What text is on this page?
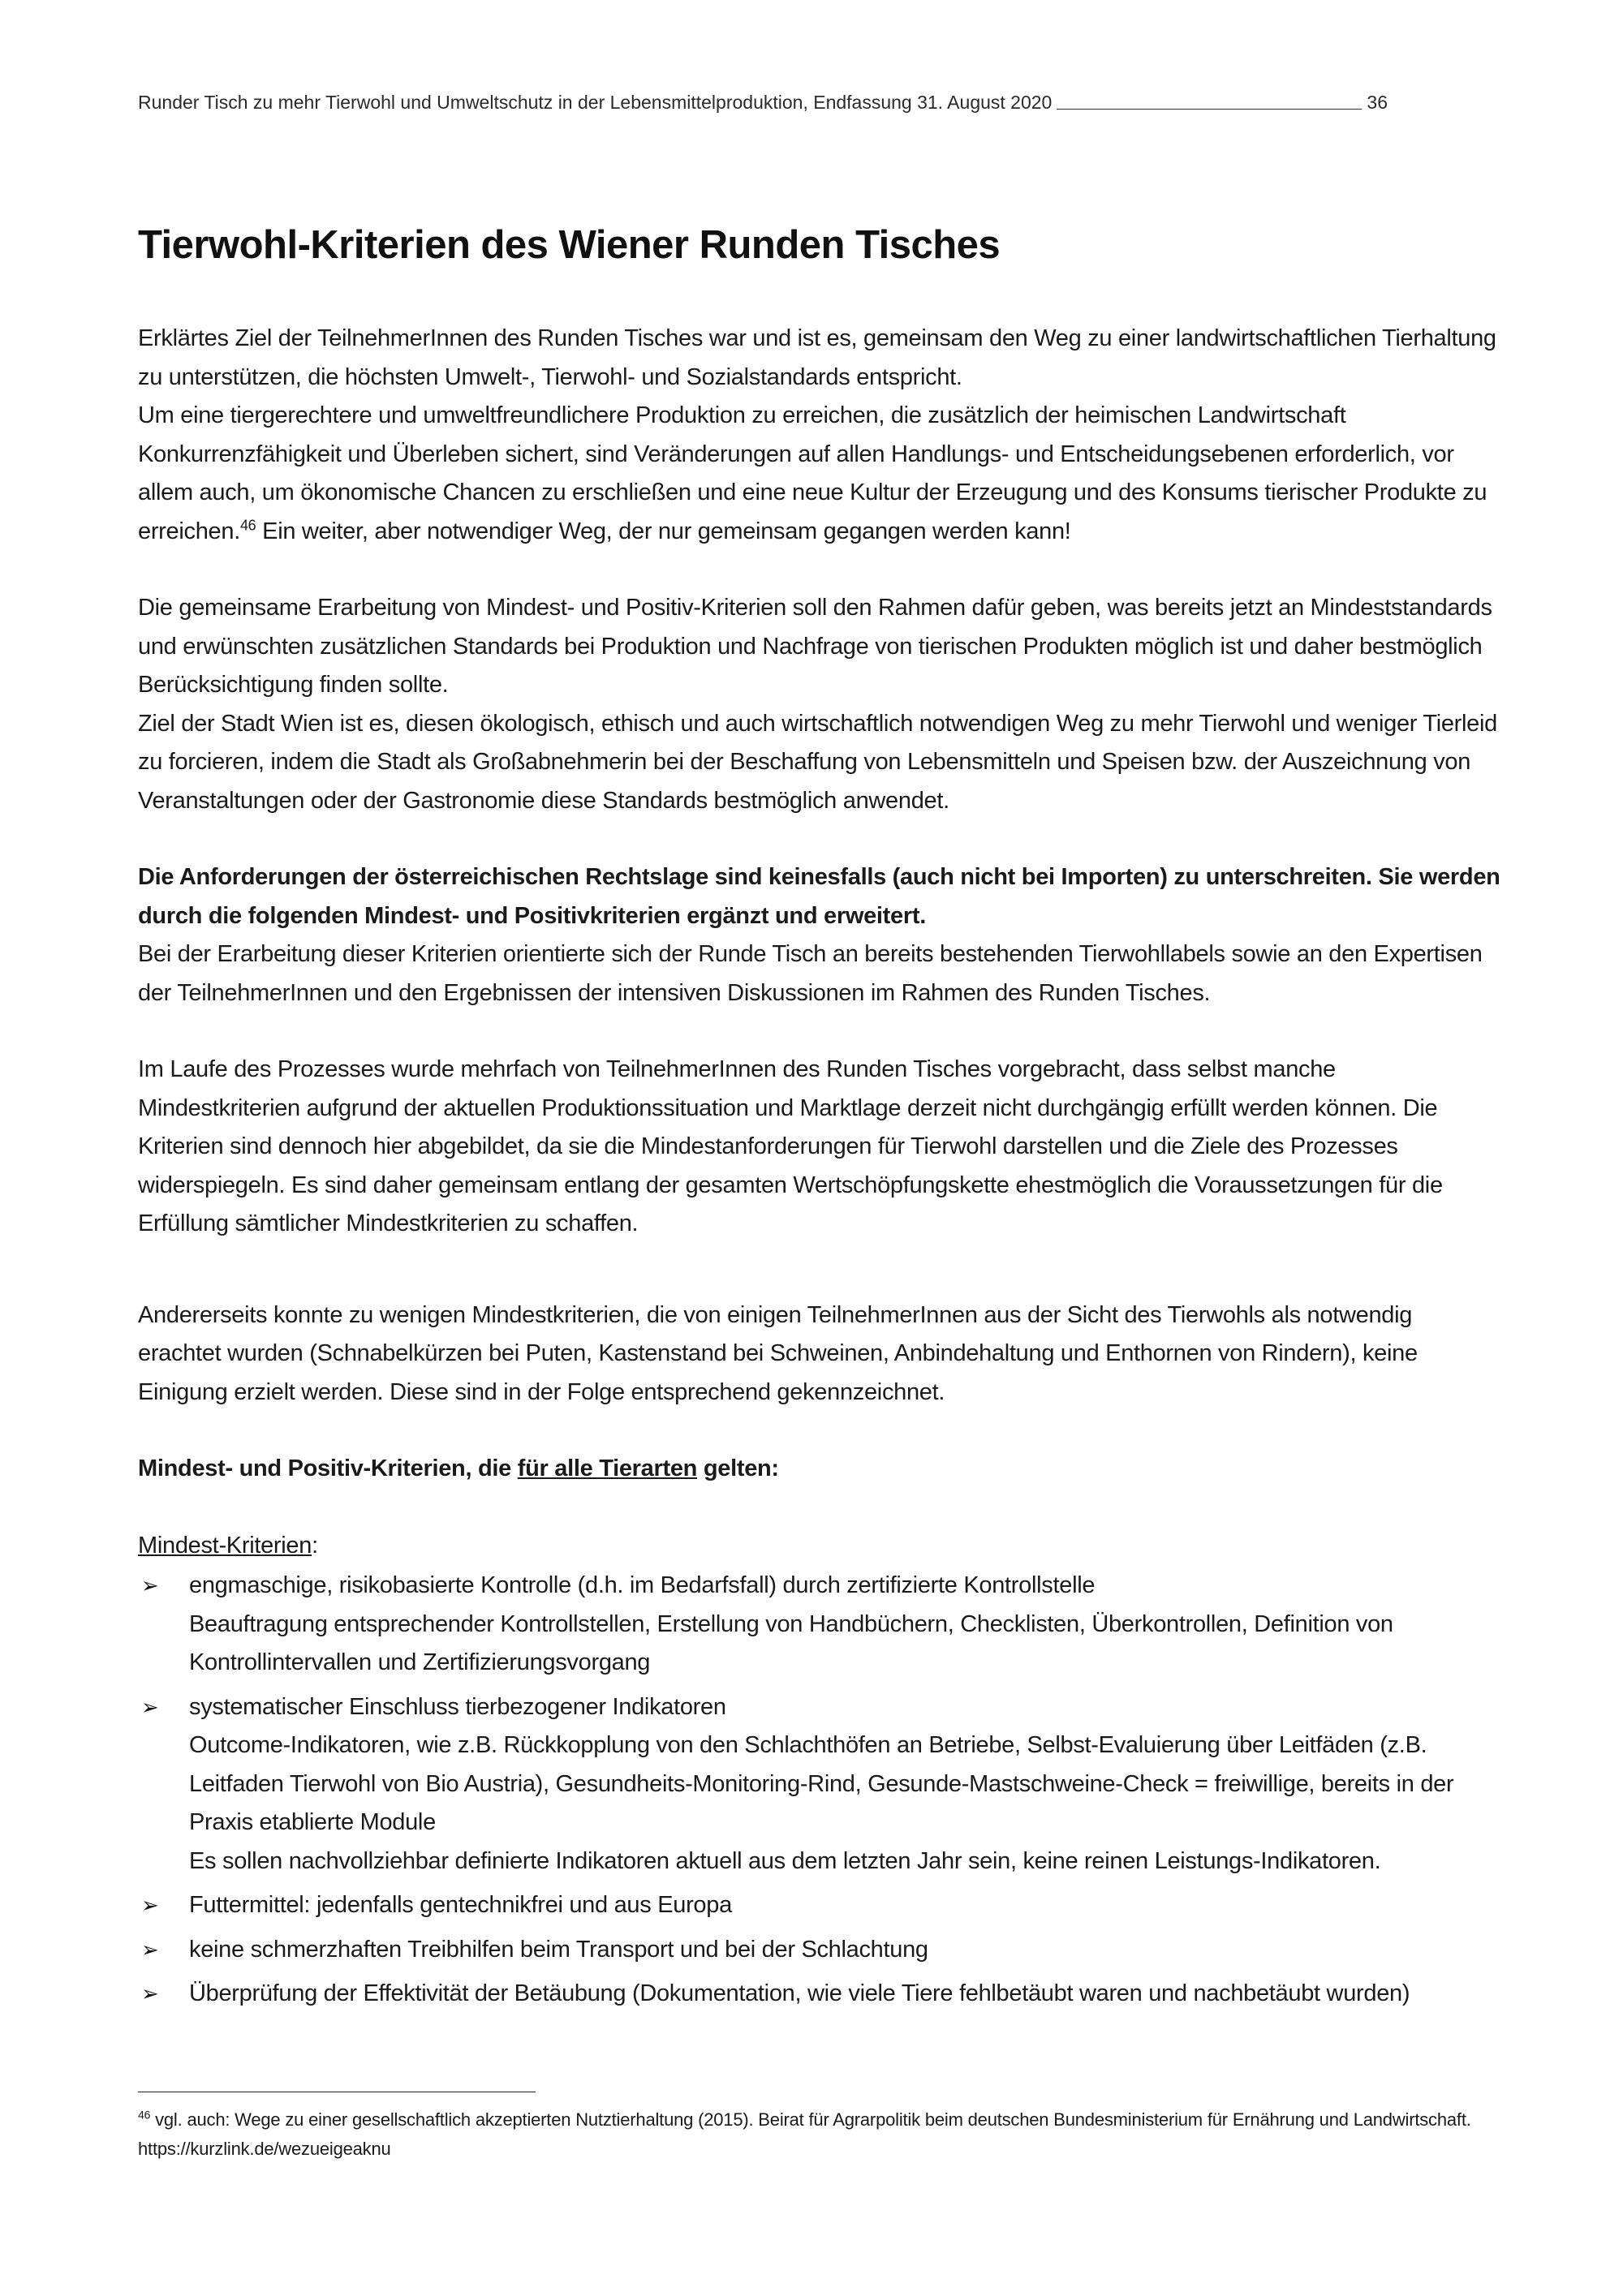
Runder Tisch zu mehr Tierwohl und Umweltschutz in der Lebensmittelproduktion, Endfassung 31. August 2020	36
Tierwohl-Kriterien des Wiener Runden Tisches

Erklärtes Ziel der TeilnehmerInnen des Runden Tisches war und ist es, gemeinsam den Weg zu einer landwirtschaftlichen Tierhaltung zu unterstützen, die höchsten Umwelt-, Tierwohl- und Sozialstandards entspricht.

Um eine tiergerechtere und umweltfreundlichere Produktion zu erreichen, die zusätzlich der heimischen Landwirtschaft Konkurrenzfähigkeit und Überleben sichert, sind Veränderungen auf allen Handlungs- und Entscheidungsebenen erforderlich, vor allem auch, um ökonomische Chancen zu erschließen und eine neue Kultur der Erzeugung und des Konsums tierischer Produkte zu erreichen.$^{46}$ Ein weiter, aber notwendiger Weg, der nur gemeinsam gegangen werden kann!

Die gemeinsame Erarbeitung von Mindest- und Positiv-Kriterien soll den Rahmen dafür geben, was bereits jetzt an Mindeststandards und erwünschten zusätzlichen Standards bei Produktion und Nachfrage von tierischen Produkten möglich ist und daher bestmöglich Berücksichtigung finden sollte.

Ziel der Stadt Wien ist es, diesen ökologisch, ethisch und auch wirtschaftlich notwendigen Weg zu mehr Tierwohl und weniger Tierleid zu forcieren, indem die Stadt als Großabnehmerin bei der Beschaffung von Lebensmitteln und Speisen bzw. der Auszeichnung von Veranstaltungen oder der Gastronomie diese Standards bestmöglich anwendet.

Die Anforderungen der österreichischen Rechtslage sind keinesfalls (auch nicht bei Importen) zu unterschreiten. Sie werden durch die folgenden Mindest- und Positivkriterien ergänzt und erweitert.

Bei der Erarbeitung dieser Kriterien orientierte sich der Runde Tisch an bereits bestehenden Tierwohllabels sowie an den Expertisen der TeilnehmerInnen und den Ergebnissen der intensiven Diskussionen im Rahmen des Runden Tisches.

Im Laufe des Prozesses wurde mehrfach von TeilnehmerInnen des Runden Tisches vorgebracht, dass selbst manche Mindestkriterien aufgrund der aktuellen Produktionssituation und Marktlage derzeit nicht durchgängig erfüllt werden können. Die Kriterien sind dennoch hier abgebildet, da sie die Mindestanforderungen für Tierwohl darstellen und die Ziele des Prozesses widerspiegeln. Es sind daher gemeinsam entlang der gesamten Wertschöpfungskette ehestmöglich die Voraussetzungen für die Erfüllung sämtlicher Mindestkriterien zu schaffen.

Andererseits konnte zu wenigen Mindestkriterien, die von einigen TeilnehmerInnen aus der Sicht des Tierwohls als notwendig erachtet wurden (Schnabelkürzen bei Puten, Kastenstand bei Schweinen, Anbindehaltung und Enthornen von Rindern), keine Einigung erzielt werden. Diese sind in der Folge entsprechend gekennzeichnet.

Mindest- und Positiv-Kriterien, die für alle Tierarten gelten:

Mindest-Kriterien:

➢ engmaschige, risikobasierte Kontrolle (d.h. im Bedarfsfall) durch zertifizierte Kontrollstelle
Beauftragung entsprechender Kontrollstellen, Erstellung von Handbüchern, Checklisten, Überkontrollen, Definition von Kontrollintervallen und Zertifizierungsvorgang
➢ systematischer Einschluss tierbezogener Indikatoren
Outcome-Indikatoren, wie z.B. Rückkopplung von den Schlachthöfen an Betriebe, Selbst-Evaluierung über Leitfäden (z.B. Leitfaden Tierwohl von Bio Austria), Gesundheits-Monitoring-Rind, Gesunde-Mastschweine-Check = freiwillige, bereits in der Praxis etablierte Module
Es sollen nachvollziehbar definierte Indikatoren aktuell aus dem letzten Jahr sein, keine reinen Leistungs-Indikatoren.
➢ Futtermittel: jedenfalls gentechnikfrei und aus Europa
➢ keine schmerzhaften Treibhilfen beim Transport und bei der Schlachtung
➢ Überprüfung der Effektivität der Betäubung (Dokumentation, wie viele Tiere fehlbetäubt waren und nachbetäubt wurden)
$^{46}$ vgl. auch: Wege zu einer gesellschaftlich akzeptierten Nutztierhaltung (2015). Beirat für Agrarpolitik beim deutschen Bundesministerium für Ernährung und Landwirtschaft. https://kurzlink.de/wezueigeaknu
